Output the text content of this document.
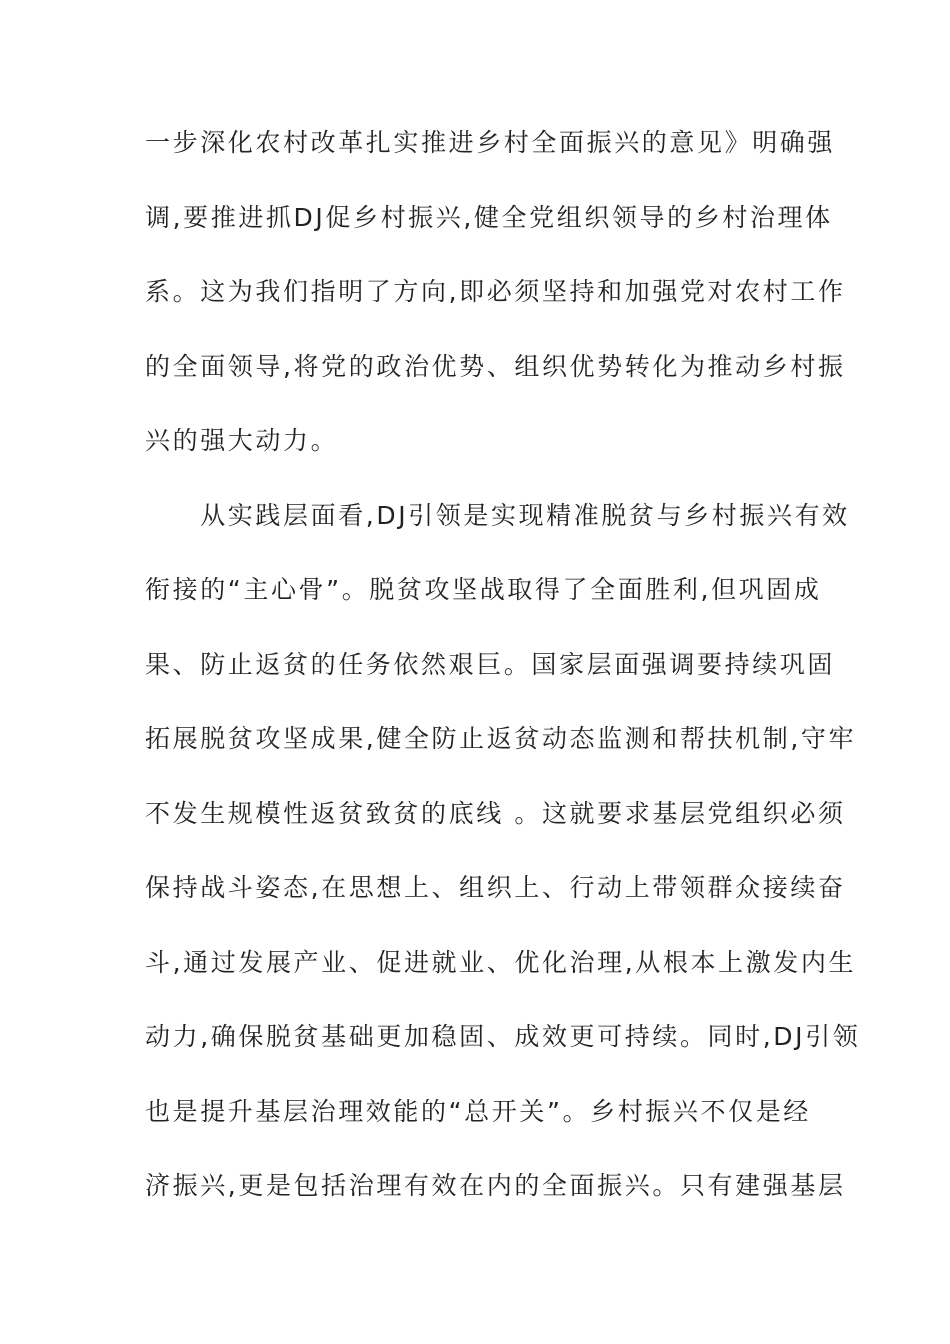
一步深化农村改革扎实推进乡村全面振兴的意见》明确强
调,要推进抓DJ促乡村振兴,健全党组织领导的乡村治理体
系。这为我们指明了方向,即必须坚持和加强党对农村工作
的全面领导,将党的政治优势、组织优势转化为推动乡村振
兴的强大动力。
　　从实践层面看,DJ引领是实现精准脱贫与乡村振兴有效
衔接的“主心骨”。脱贫攻坚战取得了全面胜利,但巩固成
果、防止返贫的任务依然艰巨。国家层面强调要持续巩固
拓展脱贫攻坚成果,健全防止返贫动态监测和帮扶机制,守牢
不发生规模性返贫致贫的底线 。这就要求基层党组织必须
保持战斗姿态,在思想上、组织上、行动上带领群众接续奋
斗,通过发展产业、促进就业、优化治理,从根本上激发内生
动力,确保脱贫基础更加稳固、成效更可持续。同时,DJ引领
也是提升基层治理效能的“总开关”。乡村振兴不仅是经
济振兴,更是包括治理有效在内的全面振兴。只有建强基层
